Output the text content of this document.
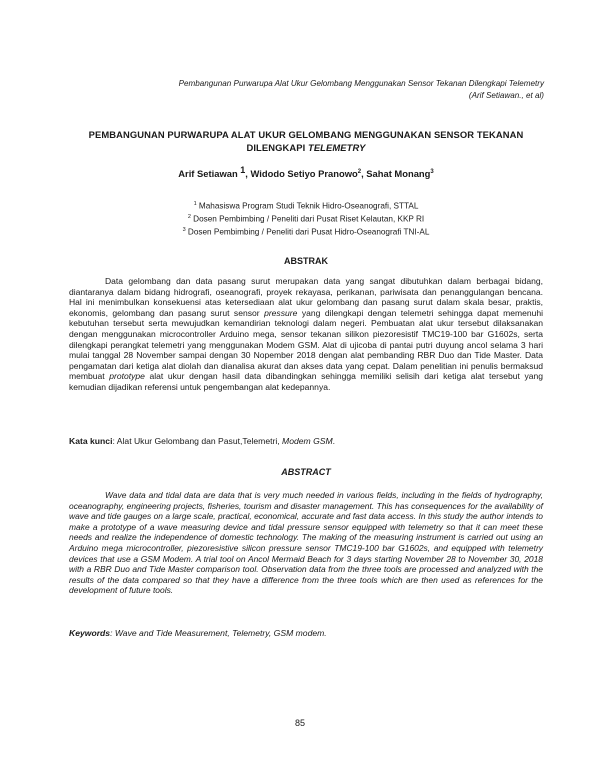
Pembangunan Purwarupa Alat Ukur Gelombang Menggunakan Sensor Tekanan Dilengkapi Telemetry
(Arif Setiawan., et al)
PEMBANGUNAN PURWARUPA ALAT UKUR GELOMBANG MENGGUNAKAN SENSOR TEKANAN
DILENGKAPI TELEMETRY
Arif Setiawan $^1$, Widodo Setiyo Pranowo$^2$, Sahat Monang$^3$
$^1$ Mahasiswa Program Studi Teknik Hidro-Oseanografi, STTAL
$^2$ Dosen Pembimbing / Peneliti dari Pusat Riset Kelautan, KKP RI
$^3$ Dosen Pembimbing / Peneliti dari Pusat Hidro-Oseanografi TNI-AL
ABSTRAK

Data gelombang dan data pasang surut merupakan data yang sangat dibutuhkan dalam berbagai bidang, diantaranya dalam bidang hidrografi, oseanografi, proyek rekayasa, perikanan, pariwisata dan penanggulangan bencana. Hal ini menimbulkan konsekuensi atas ketersediaan alat ukur gelombang dan pasang surut dalam skala besar, praktis, ekonomis, gelombang dan pasang surut sensor pressure yang dilengkapi dengan telemetri sehingga dapat memenuhi kebutuhan tersebut serta mewujudkan kemandirian teknologi dalam negeri. Pembuatan alat ukur tersebut dilaksanakan dengan menggunakan microcontroller Arduino mega, sensor tekanan silikon piezoresistif TMC19-100 bar G1602s, serta dilengkapi perangkat telemetri yang menggunakan Modem GSM. Alat di ujicoba di pantai putri duyung ancol selama 3 hari mulai tanggal 28 November sampai dengan 30 Nopember 2018 dengan alat pembanding RBR Duo dan Tide Master. Data pengamatan dari ketiga alat diolah dan dianalisa akurat dan akses data yang cepat. Dalam penelitian ini penulis bermaksud membuat prototype alat ukur dengan hasil data dibandingkan sehingga memiliki selisih dari ketiga alat tersebut yang kemudian dijadikan referensi untuk pengembangan alat kedepannya.

Kata kunci: Alat Ukur Gelombang dan Pasut,Telemetri, Modem GSM.

ABSTRACT

Wave data and tidal data are data that is very much needed in various fields, including in the fields of hydrography, oceanography, engineering projects, fisheries, tourism and disaster management. This has consequences for the availability of wave and tide gauges on a large scale, practical, economical, accurate and fast data access. In this study the author intends to make a prototype of a wave measuring device and tidal pressure sensor equipped with telemetry so that it can meet these needs and realize the independence of domestic technology. The making of the measuring instrument is carried out using an Arduino mega microcontroller, piezoresistive silicon pressure sensor TMC19-100 bar G1602s, and equipped with telemetry devices that use a GSM Modem. A trial tool on Ancol Mermaid Beach for 3 days starting November 28 to November 30, 2018 with a RBR Duo and Tide Master comparison tool. Observation data from the three tools are processed and analyzed with the results of the data compared so that they have a difference from the three tools which are then used as references for the development of future tools.

Keywords: Wave and Tide Measurement, Telemetry, GSM modem.

85
